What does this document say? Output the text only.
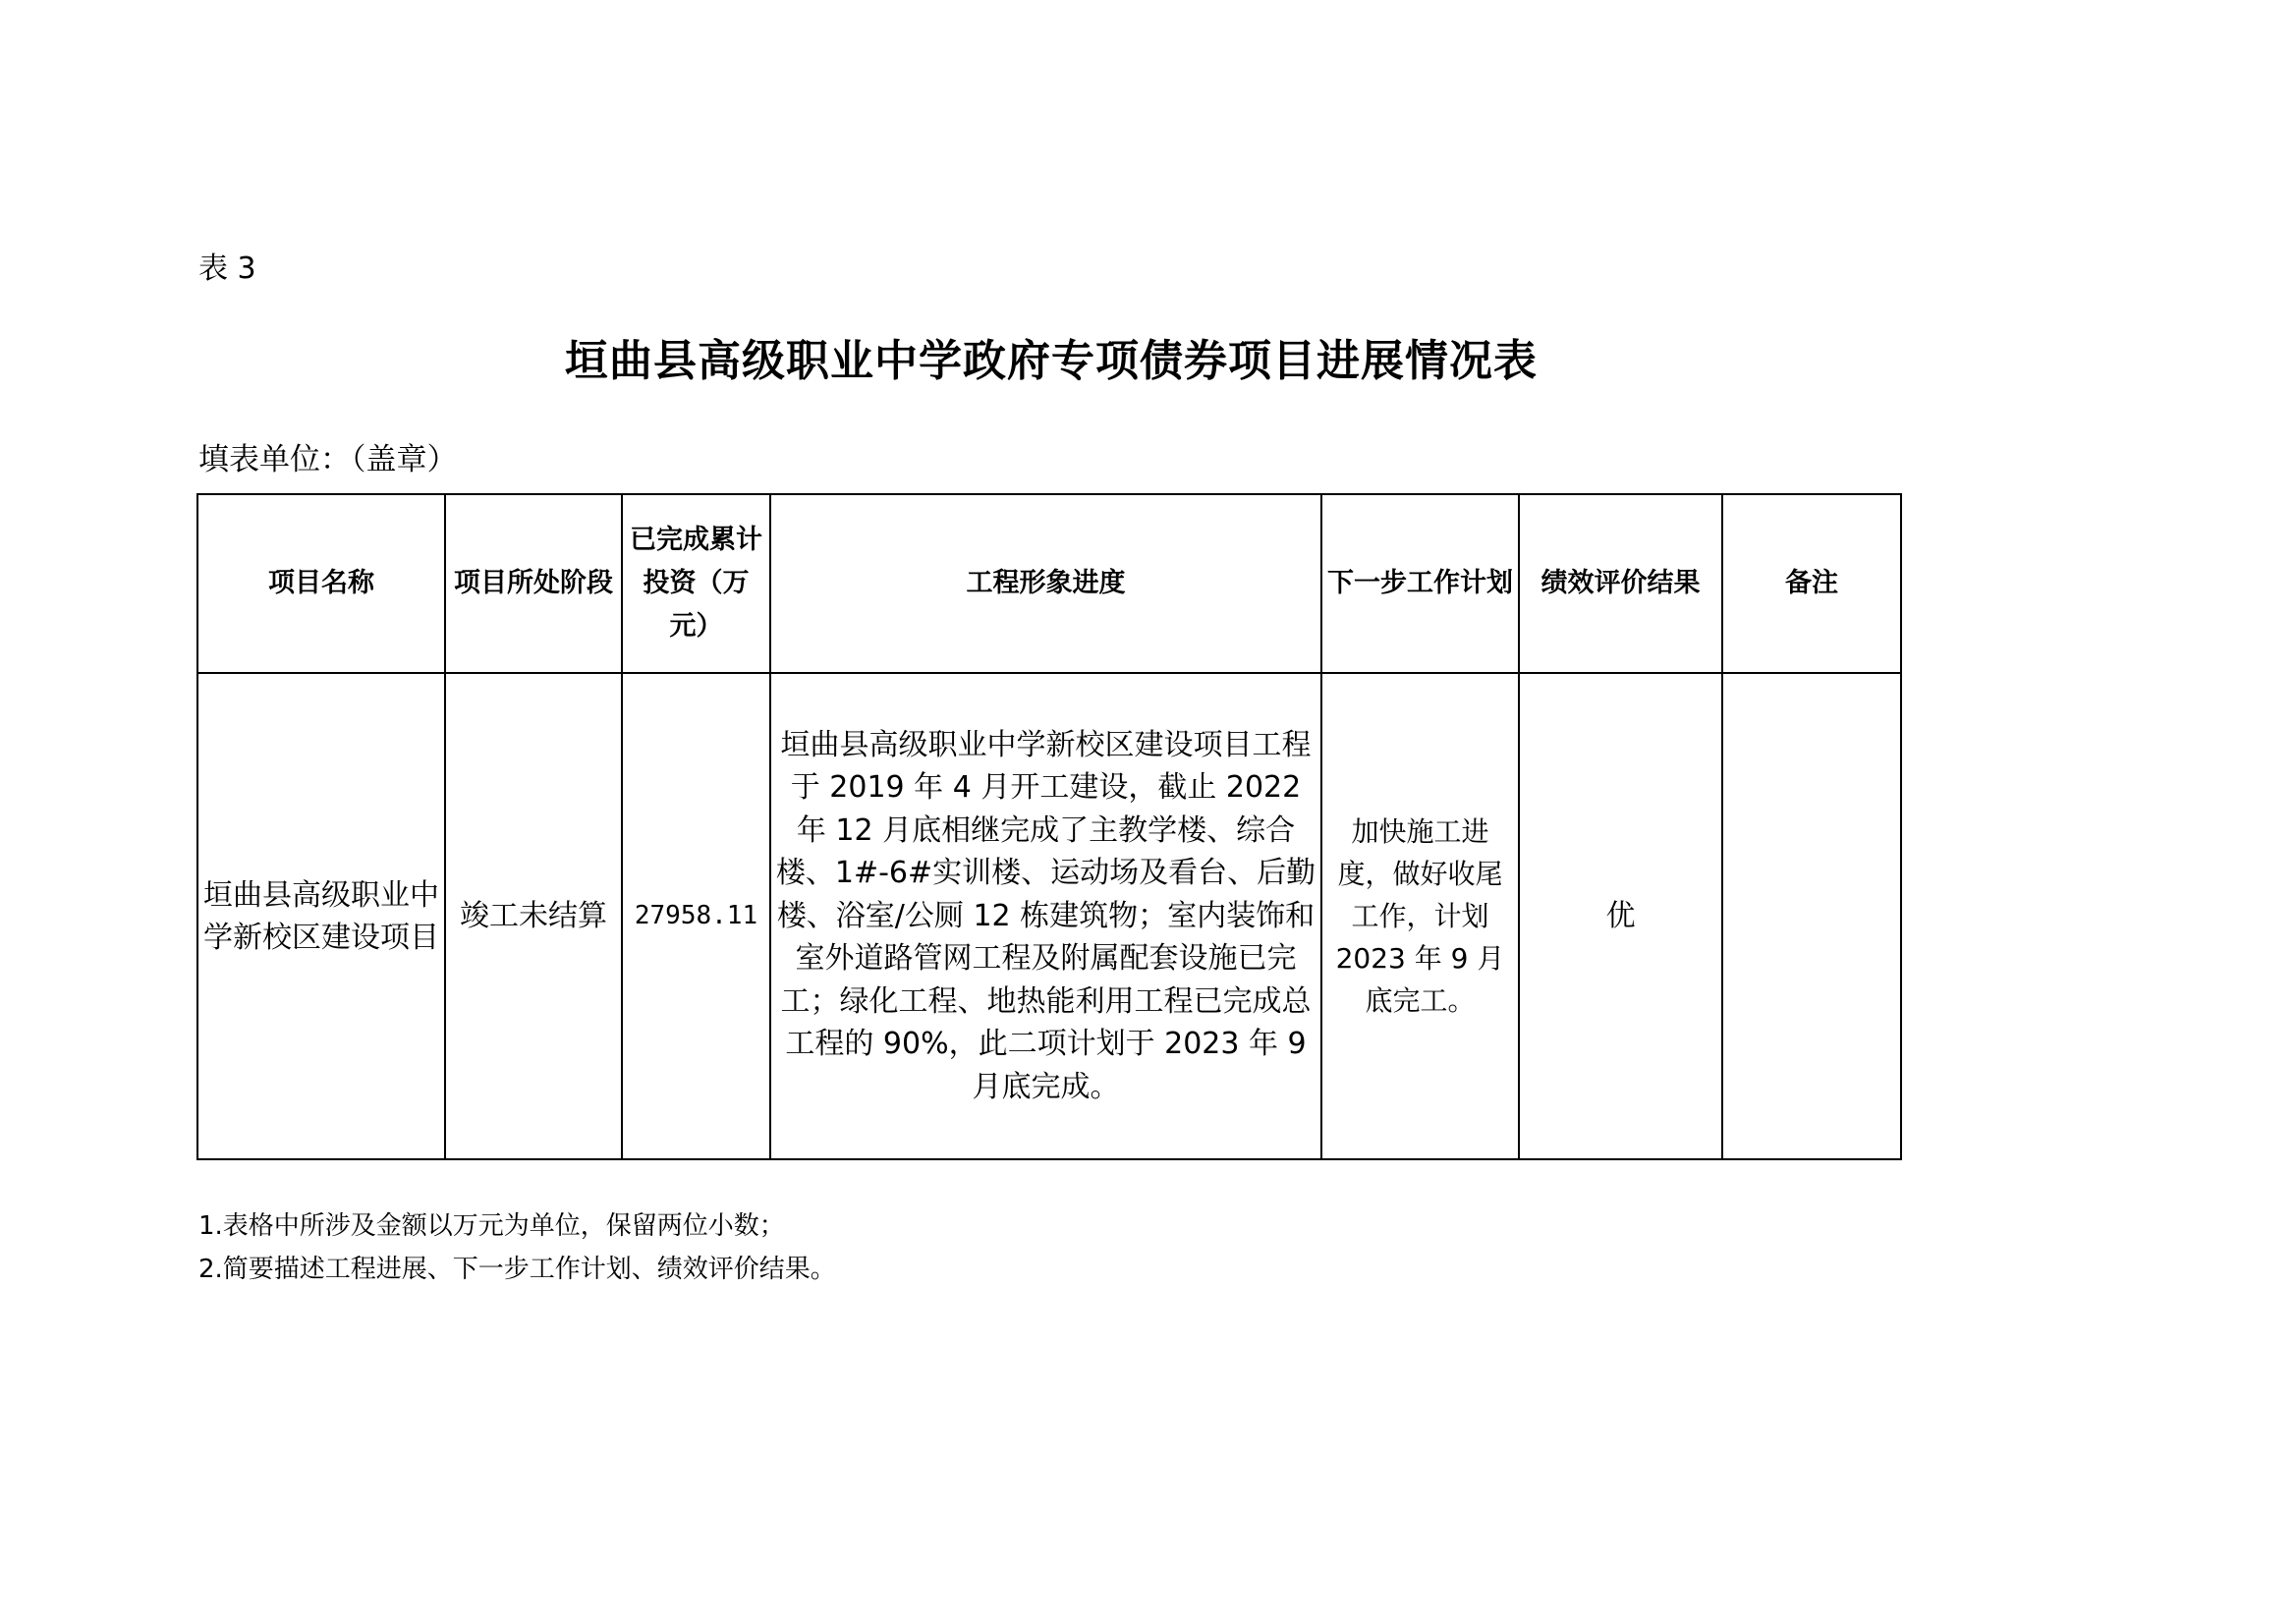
表 3
垣曲县高级职业中学政府专项债券项目进展情况表
填表单位：（盖章）
项目名称	项目所处阶段	已完成累计投资（万元）	工程形象进度	下一步工作计划	绩效评价结果	备注
垣曲县高级职业中学新校区建设项目	竣工未结算	27958.11	垣曲县高级职业中学新校区建设项目工程于 2019 年 4 月开工建设，截止 2022 年 12 月底相继完成了主教学楼、综合楼、1#-6#实训楼、运动场及看台、后勤楼、浴室/公厕 12 栋建筑物；室内装饰和室外道路管网工程及附属配套设施已完工；绿化工程、地热能利用工程已完成总工程的 90%，此二项计划于 2023 年 9 月底完成。	加快施工进度，做好收尾工作，计划 2023 年 9 月底完工。	优	
1.表格中所涉及金额以万元为单位，保留两位小数；
2.简要描述工程进展、下一步工作计划、绩效评价结果。
